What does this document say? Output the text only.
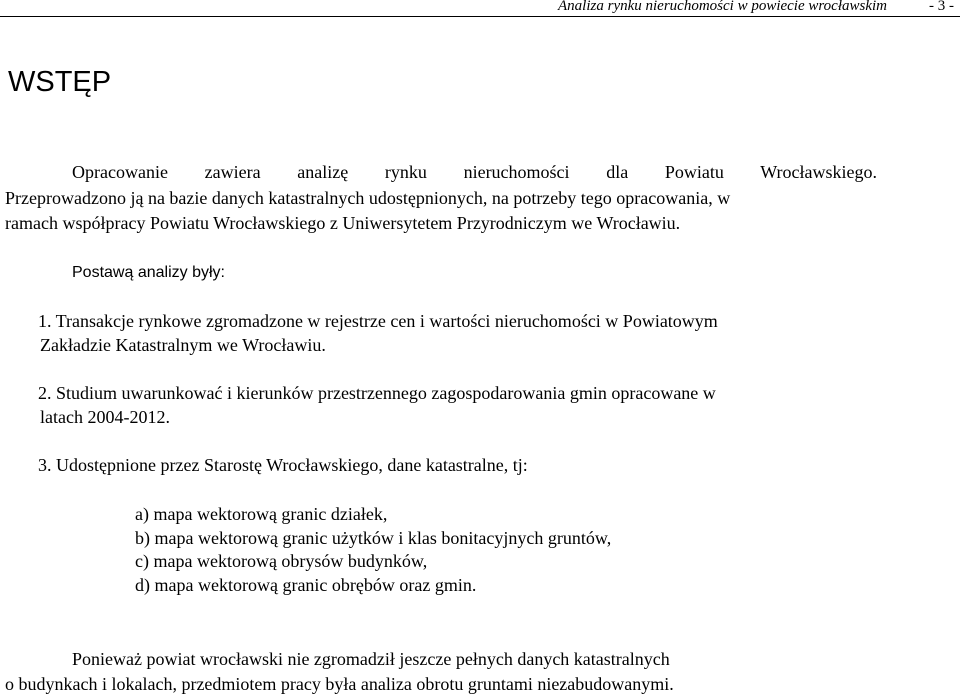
Analiza rynku nieruchomości w powiecie wrocławskim	- 3 -
WSTĘP
Opracowanie zawiera analizę rynku nieruchomości dla Powiatu Wrocławskiego.
Przeprowadzono ją na bazie danych katastralnych udostępnionych, na potrzeby tego opracowania, w
ramach współpracy Powiatu Wrocławskiego z Uniwersytetem Przyrodniczym we Wrocławiu.
Postawą analizy były:
1. Transakcje rynkowe zgromadzone w rejestrze cen i wartości nieruchomości w Powiatowym
Zakładzie Katastralnym we Wrocławiu.
2. Studium uwarunkować i kierunków przestrzennego zagospodarowania gmin opracowane w
latach 2004-2012.
3. Udostępnione przez Starostę Wrocławskiego, dane katastralne, tj:
a) mapa wektorową granic działek,
b) mapa wektorową granic użytków i klas bonitacyjnych gruntów,
c) mapa wektorową obrysów budynków,
d) mapa wektorową granic obrębów oraz gmin.
Ponieważ powiat wrocławski nie zgromadził jeszcze pełnych danych katastralnych
o budynkach i lokalach, przedmiotem pracy była analiza obrotu gruntami niezabudowanymi.
